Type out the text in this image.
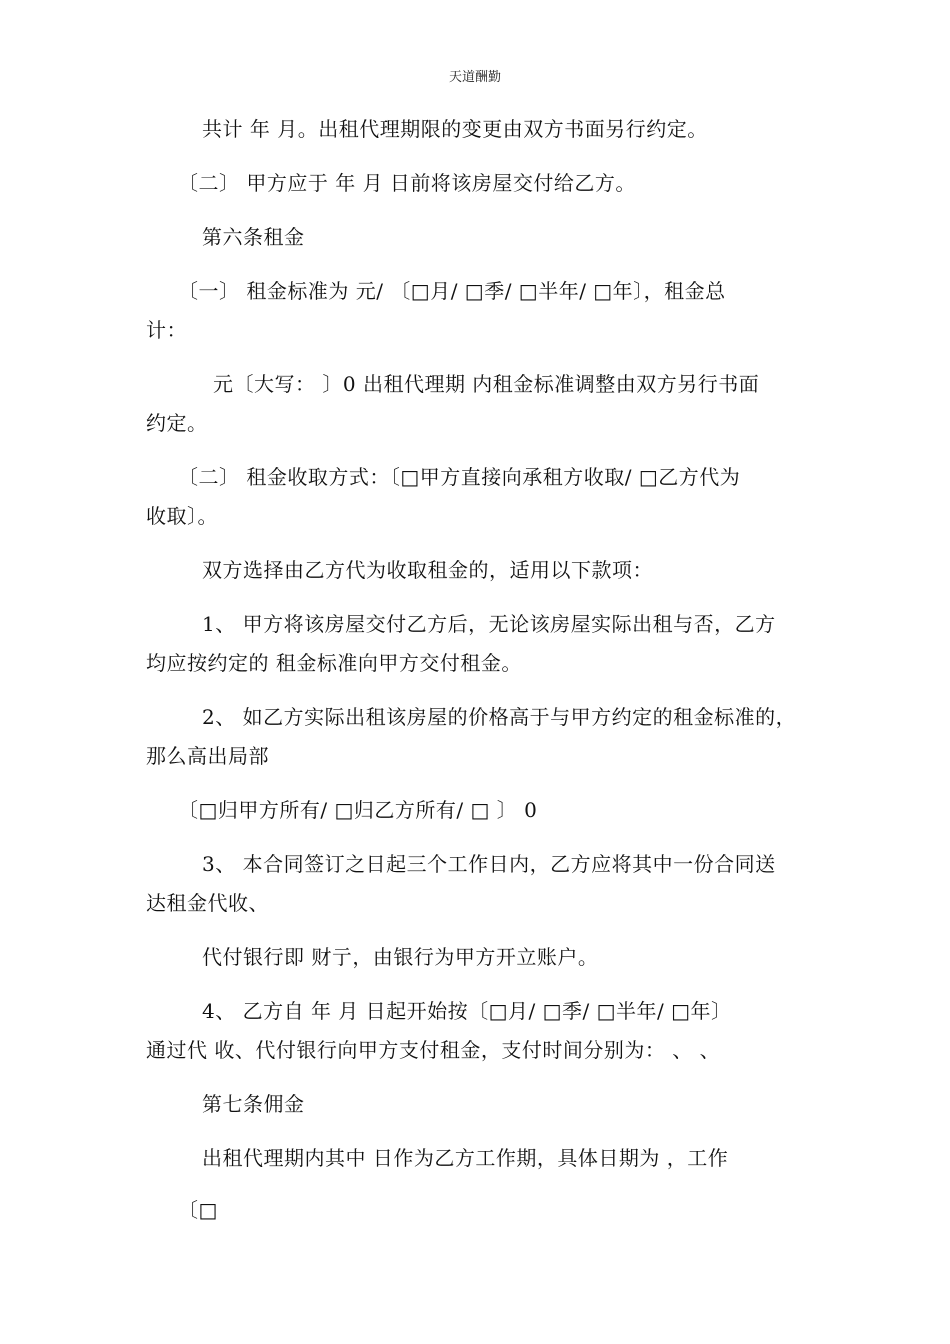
天道酬勤
共计 年 月。出租代理期限的变更由双方书面另行约定。
〔二〕 甲方应于 年 月 日前将该房屋交付给乙方。
第六条租金
〔一〕 租金标准为 元/ 〔□月/ □季/ □半年/ □年〕，租金总
计：
元〔大写： 〕0 出租代理期 内租金标准调整由双方另行书面
约定。
〔二〕 租金收取方式：〔□甲方直接向承租方收取/ □乙方代为
收取〕。
双方选择由乙方代为收取租金的，适用以下款项：
1、 甲方将该房屋交付乙方后，无论该房屋实际出租与否，乙方
均应按约定的 租金标准向甲方交付租金。
2、 如乙方实际出租该房屋的价格高于与甲方约定的租金标准的，
那么高出局部
〔□归甲方所有/ □归乙方所有/ □ 〕 0
3、 本合同签订之日起三个工作日内，乙方应将其中一份合同送
达租金代收、
代付银行即 财亍，由银行为甲方开立账户。
4、 乙方自 年 月 日起开始按〔□月/ □季/ □半年/ □年〕
通过代 收、代付银行向甲方支付租金，支付时间分别为： 、 、
第七条佣金
出租代理期内其中 日作为乙方工作期，具体日期为 ，工作
〔□
